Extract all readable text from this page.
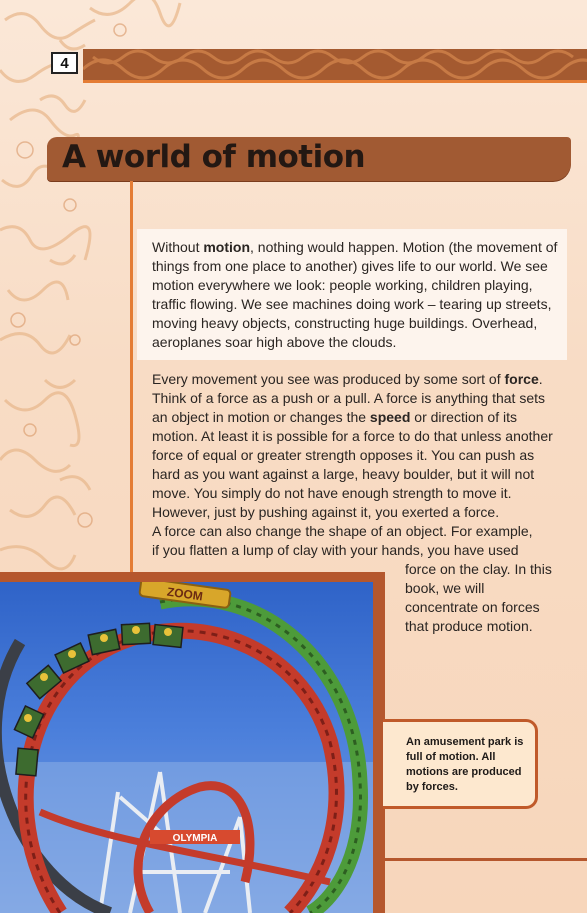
4
A world of motion
Without motion, nothing would happen. Motion (the movement of things from one place to another) gives life to our world. We see motion everywhere we look: people working, children playing, traffic flowing. We see machines doing work – tearing up streets, moving heavy objects, constructing huge buildings. Overhead, aeroplanes soar high above the clouds.
Every movement you see was produced by some sort of force. Think of a force as a push or a pull. A force is anything that sets an object in motion or changes the speed or direction of its motion. At least it is possible for a force to do that unless another force of equal or greater strength opposes it. You can push as hard as you want against a large, heavy boulder, but it will not move. You simply do not have enough strength to move it. However, just by pushing against it, you exerted a force.
A force can also change the shape of an object. For example,
if you flatten a lump of clay with your hands, you have used
force on the clay. In this book, we will concentrate on forces that produce motion.
ZOOM
OLYMPIA
An amusement park is full of motion. All motions are produced by forces.
